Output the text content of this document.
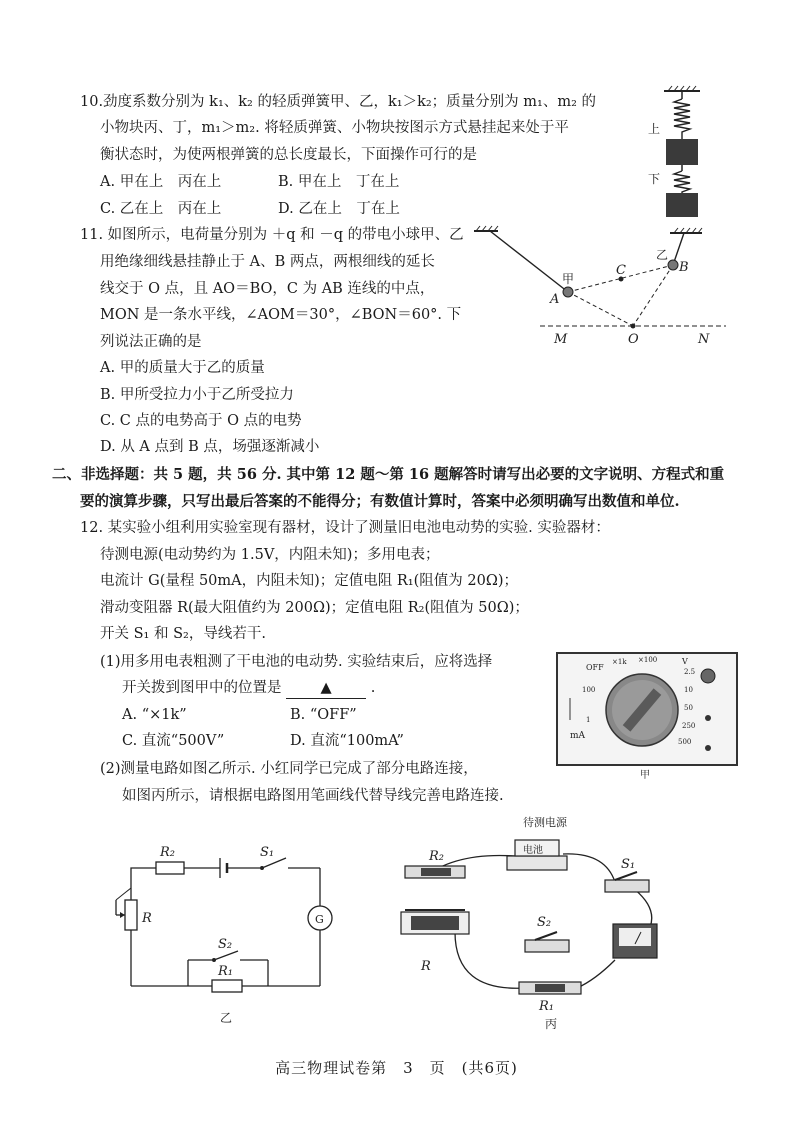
10.劲度系数分别为 k₁、k₂ 的轻质弹簧甲、乙，k₁＞k₂；质量分别为 m₁、m₂ 的
小物块丙、丁，m₁＞m₂. 将轻质弹簧、小物块按图示方式悬挂起来处于平
衡状态时，为使两根弹簧的总长度最长，下面操作可行的是
A. 甲在上　丙在上	B. 甲在上　丁在上
C. 乙在上　丙在上	D. 乙在上　丁在上
上
下
11. 如图所示，电荷量分别为 ＋q 和 －q 的带电小球甲、乙
用绝缘细线悬挂静止于 A、B 两点，两根细线的延长
线交于 O 点，且 AO＝BO，C 为 AB 连线的中点，
MON 是一条水平线，∠AOM＝30°，∠BON＝60°. 下
列说法正确的是
A. 甲的质量大于乙的质量
B. 甲所受拉力小于乙所受拉力
C. C 点的电势高于 O 点的电势
D. 从 A 点到 B 点，场强逐渐减小
甲
A
乙
B
C
M	O	N
二、非选择题：共 5 题，共 56 分. 其中第 12 题～第 16 题解答时请写出必要的文字说明、方程式和重
要的演算步骤，只写出最后答案的不能得分；有数值计算时，答案中必须明确写出数值和单位.
12. 某实验小组利用实验室现有器材，设计了测量旧电池电动势的实验. 实验器材：
待测电源(电动势约为 1.5V，内阻未知)；多用电表；
电流计 G(量程 50mA，内阻未知)；定值电阻 R₁(阻值为 20Ω)；
滑动变阻器 R(最大阻值约为 200Ω)；定值电阻 R₂(阻值为 50Ω)；
开关 S₁ 和 S₂，导线若干.
(1)用多用电表粗测了干电池的电动势. 实验结束后，应将选择
开关拨到图甲中的位置是	▲	.
A. “×1k”	B. “OFF”
C. 直流“500V”	D. 直流“100mA”
(2)测量电路如图乙所示. 小红同学已完成了部分电路连接，
如图丙所示，请根据电路图用笔画线代替导线完善电路连接.
OFF
×1k ×100	V
2.5
10
50
250
500
100
1
mA
甲
R₂	S₁
R	G
S₂
R₁
乙
电池
待测电源
R₂
S₁
S₂
R
R₁
丙
高三物理试卷第　3　页　(共6页)
